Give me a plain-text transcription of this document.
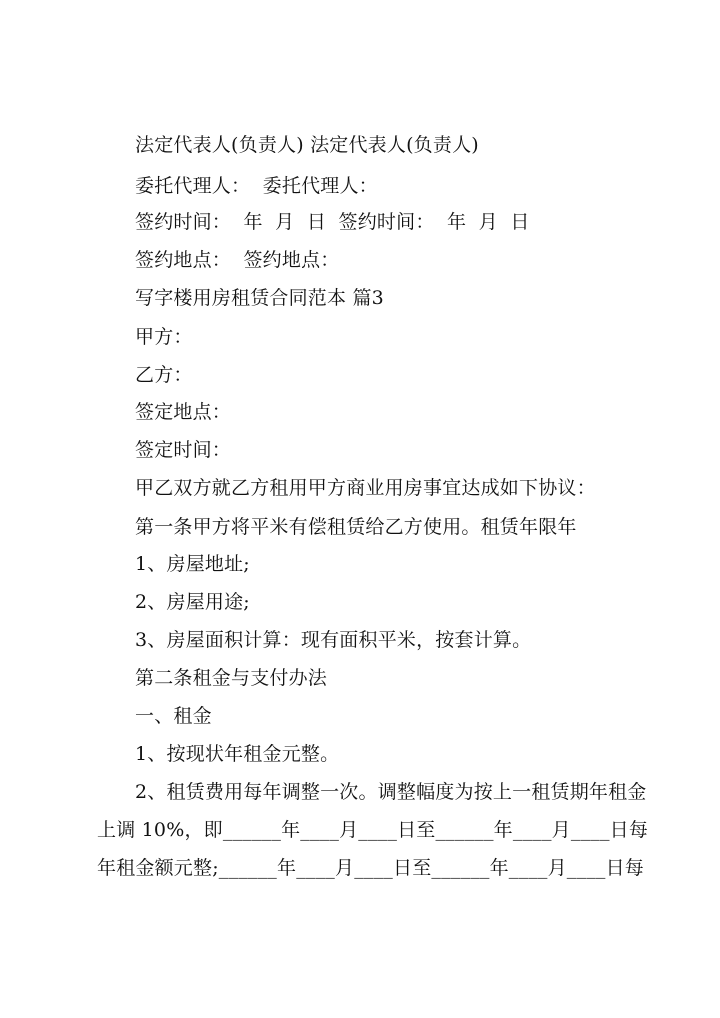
法定代表人(负责人) 法定代表人(负责人)
委托代理人：  委托代理人：
签约时间：  年  月  日  签约时间：  年  月  日
签约地点：  签约地点：
写字楼用房租赁合同范本 篇3
甲方：
乙方：
签定地点：
签定时间：
甲乙双方就乙方租用甲方商业用房事宜达成如下协议：
第一条甲方将平米有偿租赁给乙方使用。租赁年限年
1、房屋地址;
2、房屋用途;
3、房屋面积计算：现有面积平米，按套计算。
第二条租金与支付办法
一、租金
1、按现状年租金元整。
2、租赁费用每年调整一次。调整幅度为按上一租赁期年租金
上调 10%，即______年____月____日至______年____月____日每
年租金额元整;______年____月____日至______年____月____日每
